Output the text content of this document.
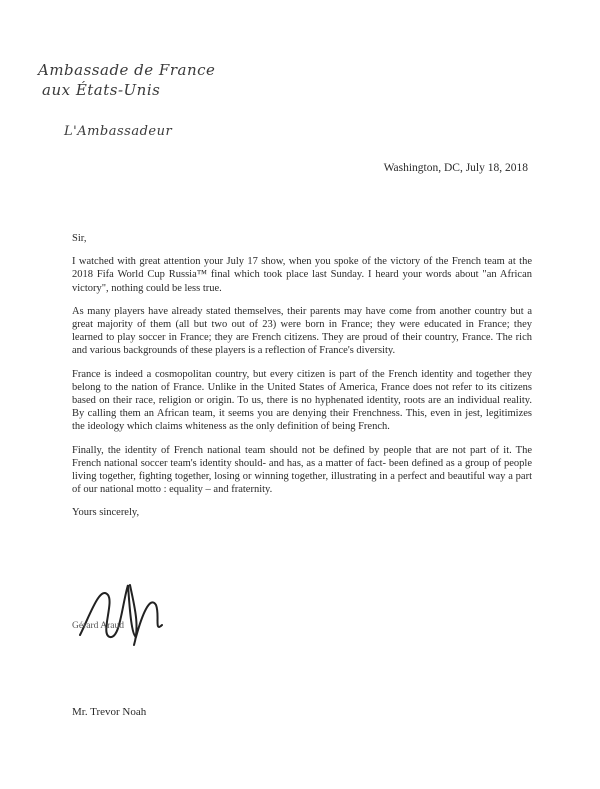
Ambassade de France
aux États-Unis
L'Ambassadeur
Washington, DC, July 18, 2018

Sir,

I watched with great attention your July 17 show, when you spoke of the victory of the French team at the 2018 Fifa World Cup Russia™ final which took place last Sunday. I heard your words about "an African victory", nothing could be less true.

As many players have already stated themselves, their parents may have come from another country but a great majority of them (all but two out of 23) were born in France; they were educated in France; they learned to play soccer in France; they are French citizens. They are proud of their country, France. The rich and various backgrounds of these players is a reflection of France's diversity.

France is indeed a cosmopolitan country, but every citizen is part of the French identity and together they belong to the nation of France. Unlike in the United States of America, France does not refer to its citizens based on their race, religion or origin. To us, there is no hyphenated identity, roots are an individual reality. By calling them an African team, it seems you are denying their Frenchness. This, even in jest, legitimizes the ideology which claims whiteness as the only definition of being French.

Finally, the identity of French national team should not be defined by people that are not part of it. The French national soccer team's identity should- and has, as a matter of fact- been defined as a group of people living together, fighting together, losing or winning together, illustrating in a perfect and beautiful way a part of our national motto : equality – and fraternity.

Yours sincerely,

Gérard Araud
Mr. Trevor Noah
